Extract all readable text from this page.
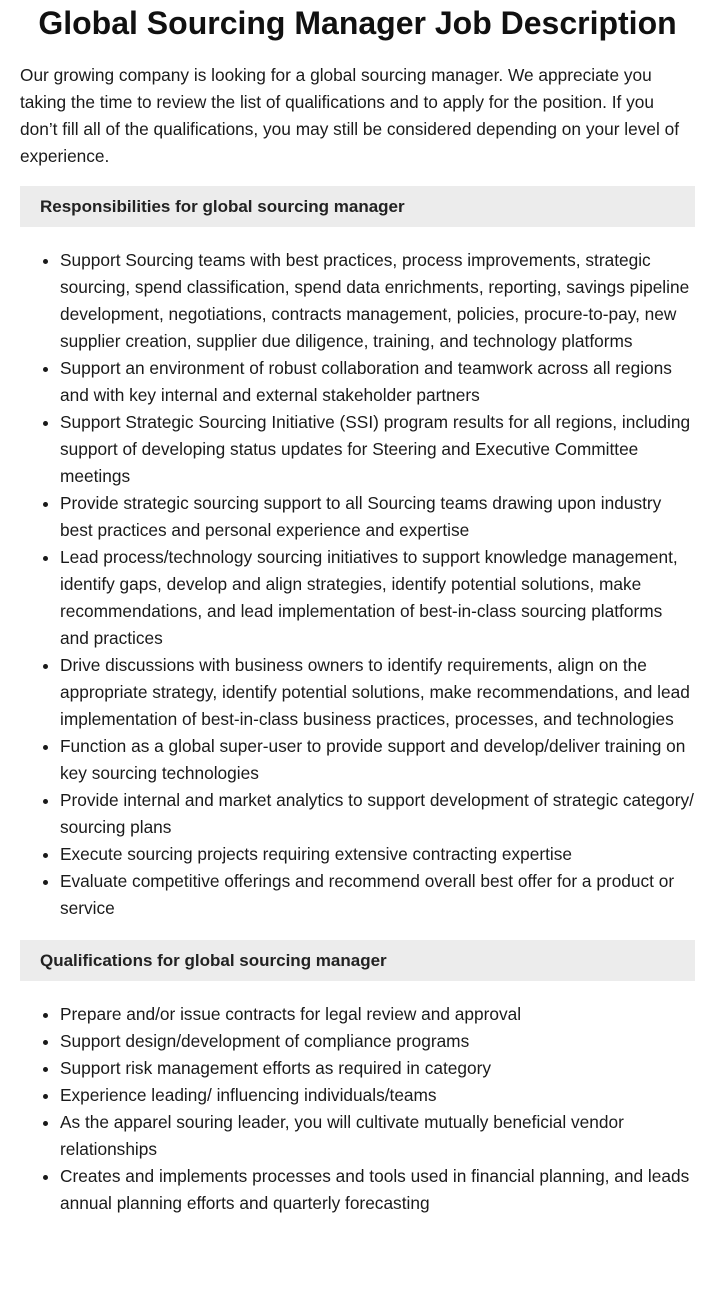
Global Sourcing Manager Job Description

Our growing company is looking for a global sourcing manager. We appreciate you taking the time to review the list of qualifications and to apply for the position. If you don’t fill all of the qualifications, you may still be considered depending on your level of experience.

Responsibilities for global sourcing manager
• Support Sourcing teams with best practices, process improvements, strategic sourcing, spend classification, spend data enrichments, reporting, savings pipeline development, negotiations, contracts management, policies, procure-to-pay, new supplier creation, supplier due diligence, training, and technology platforms
• Support an environment of robust collaboration and teamwork across all regions and with key internal and external stakeholder partners
• Support Strategic Sourcing Initiative (SSI) program results for all regions, including support of developing status updates for Steering and Executive Committee meetings
• Provide strategic sourcing support to all Sourcing teams drawing upon industry best practices and personal experience and expertise
• Lead process/technology sourcing initiatives to support knowledge management, identify gaps, develop and align strategies, identify potential solutions, make recommendations, and lead implementation of best-in-class sourcing platforms and practices
• Drive discussions with business owners to identify requirements, align on the appropriate strategy, identify potential solutions, make recommendations, and lead implementation of best-in-class business practices, processes, and technologies
• Function as a global super-user to provide support and develop/deliver training on key sourcing technologies
• Provide internal and market analytics to support development of strategic category/ sourcing plans
• Execute sourcing projects requiring extensive contracting expertise
• Evaluate competitive offerings and recommend overall best offer for a product or service
Qualifications for global sourcing manager
• Prepare and/or issue contracts for legal review and approval
• Support design/development of compliance programs
• Support risk management efforts as required in category
• Experience leading/ influencing individuals/teams
• As the apparel souring leader, you will cultivate mutually beneficial vendor relationships
• Creates and implements processes and tools used in financial planning, and leads annual planning efforts and quarterly forecasting
